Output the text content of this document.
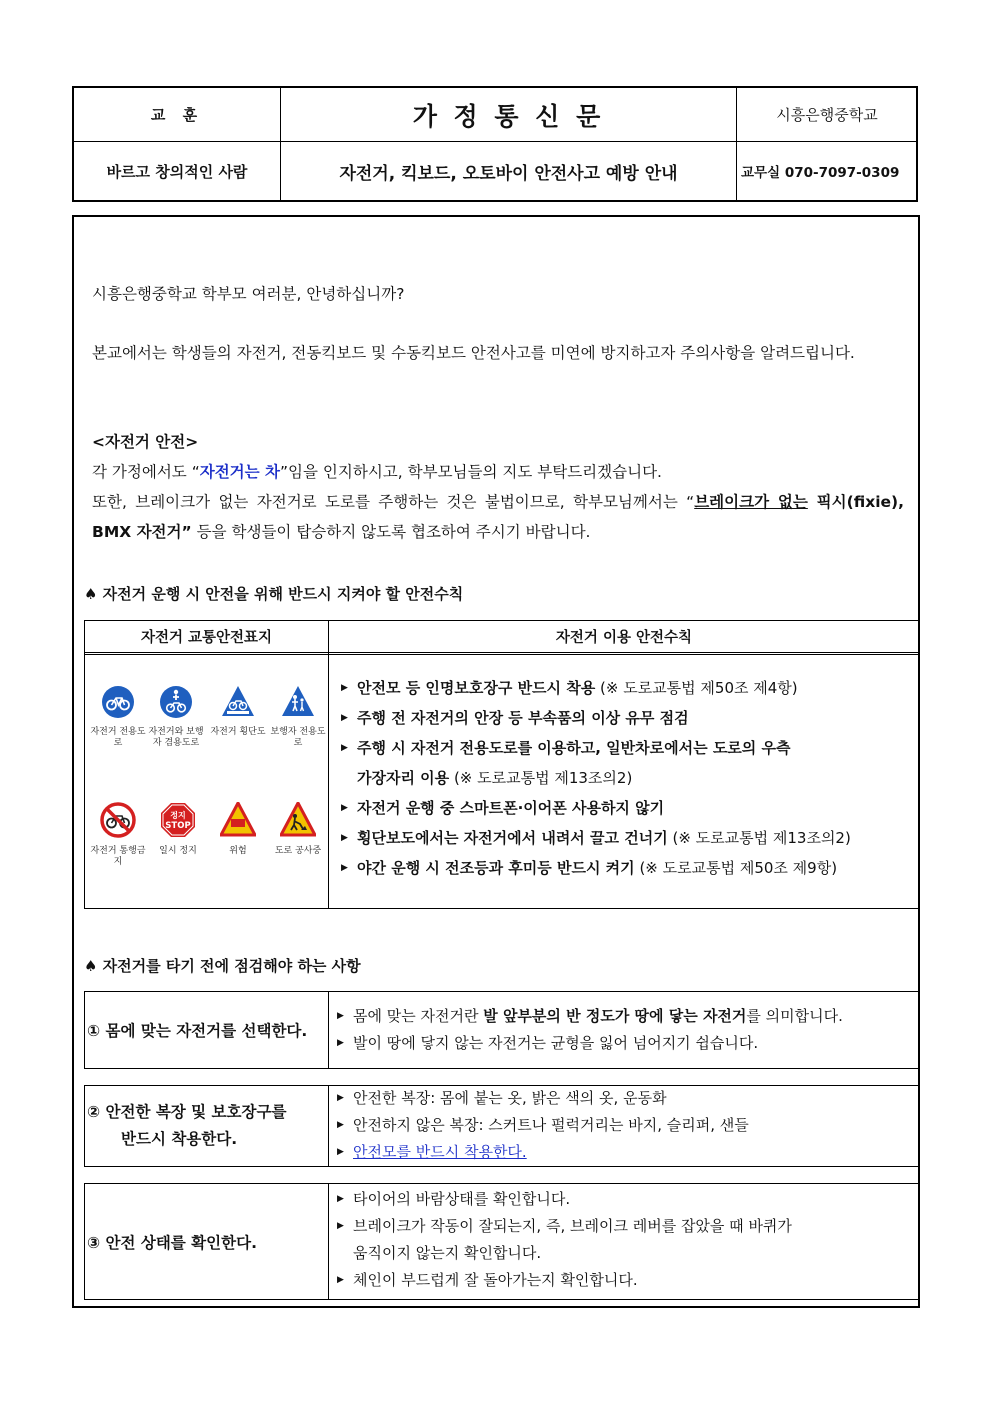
교 훈	가 정 통 신 문	시흥은행중학교
바르고 창의적인 사람	자전거, 킥보드, 오토바이 안전사고 예방 안내	교무실 070-7097-0309
시흥은행중학교 학부모 여러분, 안녕하십니까?
본교에서는 학생들의 자전거, 전동킥보드 및 수동킥보드 안전사고를 미연에 방지하고자 주의사항을 알려드립니다.
<자전거 안전>
각 가정에서도 “자전거는 차”임을 인지하시고, 학부모님들의 지도 부탁드리겠습니다.
또한, 브레이크가 없는 자전거로 도로를 주행하는 것은 불법이므로, 학부모님께서는 “브레이크가 없는 픽시(fixie), BMX 자전거” 등을 학생들이 탑승하지 않도록 협조하여 주시기 바랍니다.
♠ 자전거 운행 시 안전을 위해 반드시 지켜야 할 안전수칙
자전거 교통안전표지	자전거 이용 안전수칙
자전거 전용도로
자전거와 보행자 겸용도로
자전거 횡단도 보행자 전용도로
자전거 통행금지
정지
STOP
일시 정지	위험	도로 공사중
▶ 안전모 등 인명보호장구 반드시 착용 (※ 도로교통법 제50조 제4항)
▶ 주행 전 자전거의 안장 등 부속품의 이상 유무 점검
▶ 주행 시 자전거 전용도로를 이용하고, 일반차로에서는 도로의 우측
가장자리 이용 (※ 도로교통법 제13조의2)
▶ 자전거 운행 중 스마트폰·이어폰 사용하지 않기
▶ 횡단보도에서는 자전거에서 내려서 끌고 건너기 (※ 도로교통법 제13조의2)
▶ 야간 운행 시 전조등과 후미등 반드시 켜기 (※ 도로교통법 제50조 제9항)
♠ 자전거를 타기 전에 점검해야 하는 사항
① 몸에 맞는 자전거를 선택한다.
▶ 몸에 맞는 자전거란 발 앞부분의 반 정도가 땅에 닿는 자전거를 의미합니다.
▶ 발이 땅에 닿지 않는 자전거는 균형을 잃어 넘어지기 쉽습니다.
② 안전한 복장 및 보호장구를
반드시 착용한다.
▶ 안전한 복장: 몸에 붙는 옷, 밝은 색의 옷, 운동화
▶ 안전하지 않은 복장: 스커트나 펄럭거리는 바지, 슬리퍼, 샌들
▶ 안전모를 반드시 착용한다.
③ 안전 상태를 확인한다.
▶ 타이어의 바람상태를 확인합니다.
▶ 브레이크가 작동이 잘되는지, 즉, 브레이크 레버를 잡았을 때 바퀴가
움직이지 않는지 확인합니다.
▶ 체인이 부드럽게 잘 돌아가는지 확인합니다.
